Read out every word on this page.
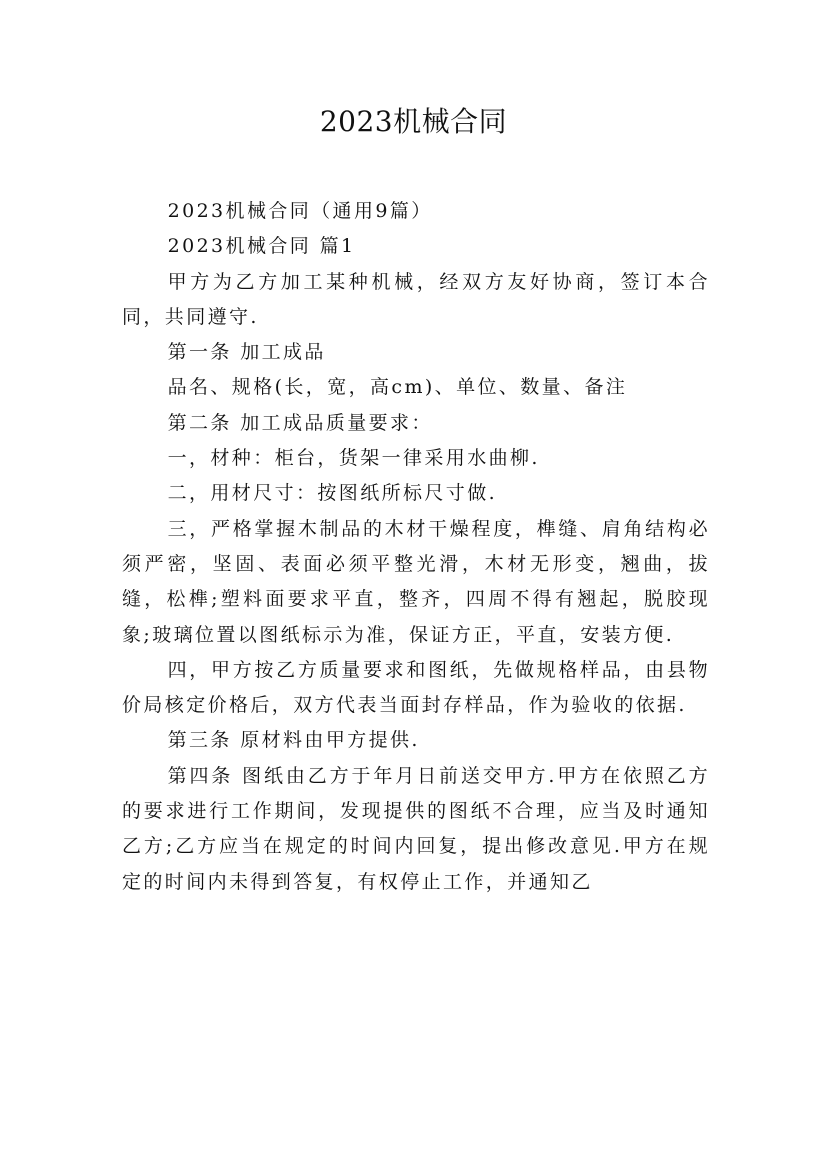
2023机械合同

2023机械合同（通用9篇）

2023机械合同 篇1

甲方为乙方加工某种机械，经双方友好协商，签订本合同，共同遵守.

第一条 加工成品

品名、规格(长，宽，高cm)、单位、数量、备注

第二条 加工成品质量要求：

一，材种：柜台，货架一律采用水曲柳.

二，用材尺寸：按图纸所标尺寸做.

三，严格掌握木制品的木材干燥程度，榫缝、肩角结构必须严密，坚固、表面必须平整光滑，木材无形变，翘曲，拔缝，松榫;塑料面要求平直，整齐，四周不得有翘起，脱胶现象;玻璃位置以图纸标示为准，保证方正，平直，安装方便.

四，甲方按乙方质量要求和图纸，先做规格样品，由县物价局核定价格后，双方代表当面封存样品，作为验收的依据.

第三条 原材料由甲方提供.

第四条 图纸由乙方于年月日前送交甲方.甲方在依照乙方的要求进行工作期间，发现提供的图纸不合理，应当及时通知乙方;乙方应当在规定的时间内回复，提出修改意见.甲方在规定的时间内未得到答复，有权停止工作，并通知乙
